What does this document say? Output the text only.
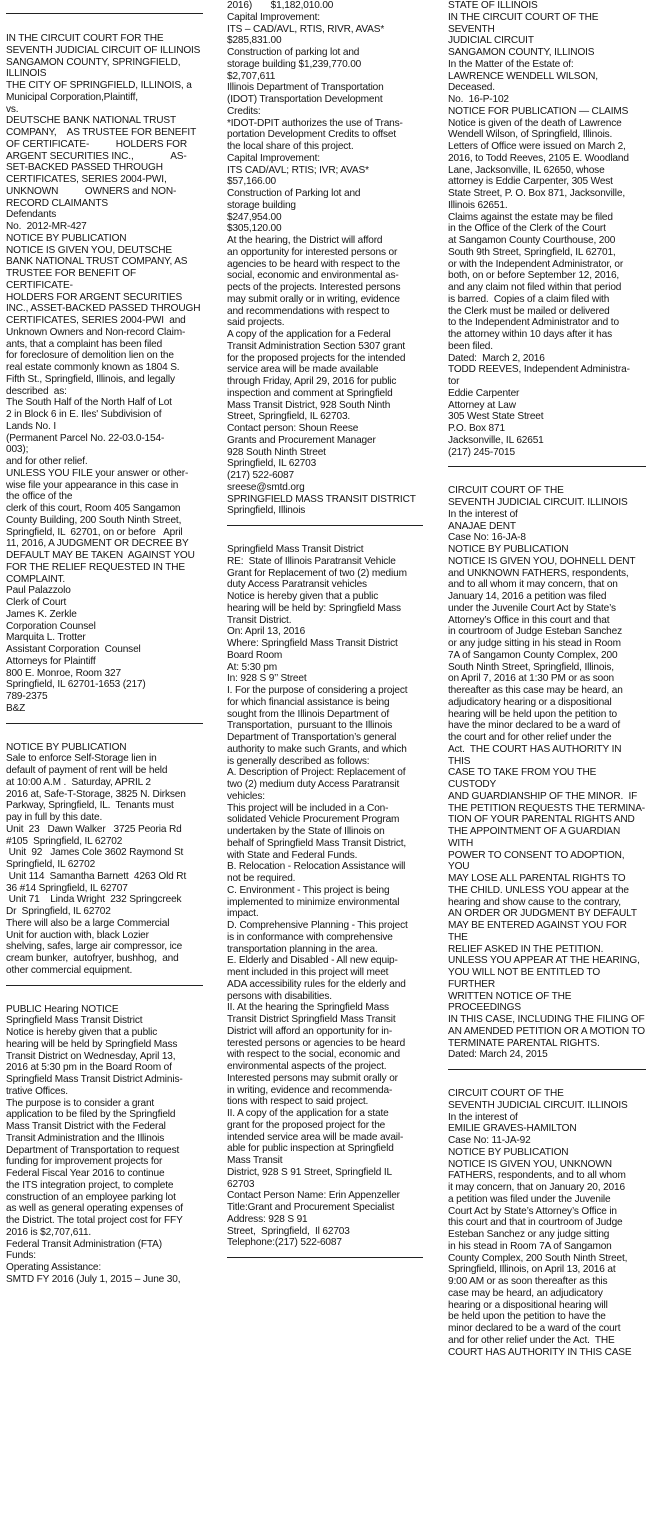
IN THE CIRCUIT COURT FOR THE

SEVENTH JUDICIAL CIRCUIT OF ILLINOIS

SANGAMON COUNTY, SPRINGFIELD,

ILLINOIS

THE CITY OF SPRINGFIELD, ILLINOIS, a

Municipal Corporation,Plaintiff,

vs.

DEUTSCHE BANK NATIONAL TRUST

COMPANY,    AS TRUSTEE FOR BENEFIT

OF CERTIFICATE-          HOLDERS FOR

ARGENT SECURITIES INC.,              AS-

SET-BACKED PASSED THROUGH

CERTIFICATES, SERIES 2004-PWI,

UNKNOWN          OWNERS and NON-

RECORD CLAIMANTS

Defendants

No.  2012-MR-427

NOTICE BY PUBLICATION

NOTICE IS GIVEN YOU, DEUTSCHE

BANK NATIONAL TRUST COMPANY, AS

TRUSTEE FOR BENEFIT OF CERTIFICATE-

HOLDERS FOR ARGENT SECURITIES

INC., ASSET-BACKED PASSED THROUGH

CERTIFICATES, SERIES 2004-PWI  and

Unknown Owners and Non-record Claim-

ants, that a complaint has been filed

for foreclosure of demolition lien on the

real estate commonly known as 1804 S.

Fifth St., Springfield, Illinois, and legally

described  as:

The South Half of the North Half of Lot

2 in Block 6 in E. Iles' Subdivision of

Lands No. I

(Permanent Parcel No. 22-03.0-154-

003);

and for other relief.

UNLESS YOU FILE your answer or other-

wise file your appearance in this case in

the office of the

clerk of this court, Room 405 Sangamon

County Building, 200 South Ninth Street,

Springfield, IL  62701, on or before   April

11, 2016, A JUDGMENT OR DECREE BY

DEFAULT MAY BE TAKEN  AGAINST YOU

FOR THE RELIEF REQUESTED IN THE

COMPLAINT.

Paul Palazzolo

Clerk of Court

James K. Zerkle

Corporation Counsel

Marquita L. Trotter

Assistant Corporation  Counsel

Attorneys for Plaintiff

800 E. Monroe, Room 327

Springfield, IL 62701-1653 (217)

789-2375

B&Z

NOTICE BY PUBLICATION

Sale to enforce Self-Storage lien in

default of payment of rent will be held

at 10:00 A.M .  Saturday, APRIL 2

2016 at, Safe-T-Storage, 3825 N. Dirksen

Parkway, Springfield, IL.  Tenants must

pay in full by this date.

Unit  23   Dawn Walker   3725 Peoria Rd

#105  Springfield, IL 62702

Unit  92   James Cole 3602 Raymond St

Springfield, IL 62702

Unit 114  Samantha Barnett  4263 Old Rt

36 #14 Springfield, IL 62707

Unit 71    Linda Wright  232 Springcreek

Dr  Springfield, IL 62702

There will also be a large Commercial

Unit for auction with, black Lozier

shelving, safes, large air compressor, ice

cream bunker,  autofryer, bushhog,  and

other commercial equipment.

PUBLIC Hearing NOTICE

Springfield Mass Transit District

Notice is hereby given that a public

hearing will be held by Springfield Mass

Transit District on Wednesday, April 13,

2016 at 5:30 pm in the Board Room of

Springfield Mass Transit District Adminis-

trative Offices.

The purpose is to consider a grant

application to be filed by the Springfield

Mass Transit District with the Federal

Transit Administration and the Illinois

Department of Transportation to request

funding for improvement projects for

Federal Fiscal Year 2016 to continue

the ITS integration project, to complete

construction of an employee parking lot

as well as general operating expenses of

the District. The total project cost for FFY

2016 is $2,707,611.

Federal Transit Administration (FTA)

Funds:

Operating Assistance:

SMTD FY 2016 (July 1, 2015 – June 30,

2016)       $1,182,010.00

Capital Improvement:

ITS – CAD/AVL, RTIS, RIVR, AVAS*

$285,831.00

Construction of parking lot and

storage building $1,239,770.00

$2,707,611

Illinois Department of Transportation

(IDOT) Transportation Development

Credits:

*IDOT-DPIT authorizes the use of Trans-

portation Development Credits to offset

the local share of this project.

Capital Improvement:

ITS CAD/AVL; RTIS; IVR; AVAS*

$57,166.00

Construction of Parking lot and

storage building

$247,954.00

$305,120.00

At the hearing, the District will afford

an opportunity for interested persons or

agencies to be heard with respect to the

social, economic and environmental as-

pects of the projects. Interested persons

may submit orally or in writing, evidence

and recommendations with respect to

said projects.

A copy of the application for a Federal

Transit Administration Section 5307 grant

for the proposed projects for the intended

service area will be made available

through Friday, April 29, 2016 for public

inspection and comment at Springfield

Mass Transit District, 928 South Ninth

Street, Springfield, IL 62703.

Contact person: Shoun Reese

Grants and Procurement Manager

928 South Ninth Street

Springfield, IL 62703

(217) 522-6087

sreese@smtd.org

SPRINGFIELD MASS TRANSIT DISTRICT

Springfield, Illinois

Springfield Mass Transit District

RE:  State of Illinois Paratransit Vehicle

Grant for Replacement of two (2) medium

duty Access Paratransit vehicles

Notice is hereby given that a public

hearing will be held by: Springfield Mass

Transit District.

On: April 13, 2016

Where: Springfield Mass Transit District

Board Room

At: 5:30 pm

In: 928 S 9’’ Street

I. For the purpose of considering a project

for which financial assistance is being

sought from the Illinois Department of

Transportation,  pursuant to the Illinois

Department of Transportation’s general

authority to make such Grants, and which

is generally described as follows:

A. Description of Project: Replacement of

two (2) medium duty Access Paratransit

vehicles:

This project will be included in a Con-

solidated Vehicle Procurement Program

undertaken by the State of Illinois on

behalf of Springfield Mass Transit District,

with State and Federal Funds.

B. Relocation - Relocation Assistance will

not be required.

C. Environment - This project is being

implemented to minimize environmental

impact.

D. Comprehensive Planning - This project

is in conformance with comprehensive

transportation planning in the area.

E. Elderly and Disabled - All new equip-

ment included in this project will meet

ADA accessibility rules for the elderly and

persons with disabilities.

II. At the hearing the Springfield Mass

Transit District Springfield Mass Transit

District will afford an opportunity for in-

terested persons or agencies to be heard

with respect to the social, economic and

environmental aspects of the project.

Interested persons may submit orally or

in writing, evidence and recommenda-

tions with respect to said project.

II. A copy of the application for a state

grant for the proposed project for the

intended service area will be made avail-

able for public inspection at Springfield

Mass Transit

District, 928 S 91 Street, Springfield IL

62703

Contact Person Name: Erin Appenzeller

Title:Grant and Procurement Specialist

Address: 928 S 91

Street,  Springfield,  Il 62703

Telephone:(217) 522-6087

STATE OF ILLINOIS

IN THE CIRCUIT COURT OF THE SEVENTH

JUDICIAL CIRCUIT

SANGAMON COUNTY, ILLINOIS

In the Matter of the Estate of:

LAWRENCE WENDELL WILSON,

Deceased.

No.  16-P-102

NOTICE FOR PUBLICATION — CLAIMS

Notice is given of the death of Lawrence

Wendell Wilson, of Springfield, Illinois.

Letters of Office were issued on March 2,

2016, to Todd Reeves, 2105 E. Woodland

Lane, Jacksonville, IL 62650, whose

attorney is Eddie Carpenter, 305 West

State Street, P. O. Box 871, Jacksonville,

Illinois 62651.

Claims against the estate may be filed

in the Office of the Clerk of the Court

at Sangamon County Courthouse, 200

South 9th Street, Springfield, IL 62701,

or with the Independent Administrator, or

both, on or before September 12, 2016,

and any claim not filed within that period

is barred.  Copies of a claim filed with

the Clerk must be mailed or delivered

to the Independent Administrator and to

the attorney within 10 days after it has

been filed.

Dated:  March 2, 2016

TODD REEVES, Independent Administra-

tor

Eddie Carpenter

Attorney at Law

305 West State Street

P.O. Box 871

Jacksonville, IL 62651

(217) 245-7015

CIRCUIT COURT OF THE

SEVENTH JUDICIAL CIRCUIT. ILLINOIS

In the interest of

ANAJAE DENT

Case No: 16-JA-8

NOTICE BY PUBLICATION

NOTICE IS GIVEN YOU, DOHNELL DENT

and UNKNOWN FATHERS, respondents,

and to all whom it may concern, that on

January 14, 2016 a petition was filed

under the Juvenile Court Act by State’s

Attorney’s Office in this court and that

in courtroom of Judge Esteban Sanchez

or any judge sitting in his stead in Room

7A of Sangamon County Complex, 200

South Ninth Street, Springfield, Illinois,

on April 7, 2016 at 1:30 PM or as soon

thereafter as this case may be heard, an

adjudicatory hearing or a dispositional

hearing will be held upon the petition to

have the minor declared to be a ward of

the court and for other relief under the

Act.  THE COURT HAS AUTHORITY IN THIS

CASE TO TAKE FROM YOU THE CUSTODY

AND GUARDIANSHIP OF THE MINOR.  IF

THE PETITION REQUESTS THE TERMINA-

TION OF YOUR PARENTAL RIGHTS AND

THE APPOINTMENT OF A GUARDIAN WITH

POWER TO CONSENT TO ADOPTION, YOU

MAY LOSE ALL PARENTAL RIGHTS TO

THE CHILD. UNLESS YOU appear at the

hearing and show cause to the contrary,

AN ORDER OR JUDGMENT BY DEFAULT

MAY BE ENTERED AGAINST YOU FOR THE

RELIEF ASKED IN THE PETITION.

UNLESS YOU APPEAR AT THE HEARING,

YOU WILL NOT BE ENTITLED TO FURTHER

WRITTEN NOTICE OF THE PROCEEDINGS

IN THIS CASE, INCLUDING THE FILING OF

AN AMENDED PETITION OR A MOTION TO

TERMINATE PARENTAL RIGHTS.

Dated: March 24, 2015

CIRCUIT COURT OF THE

SEVENTH JUDICIAL CIRCUIT. ILLINOIS

In the interest of

EMILIE GRAVES-HAMILTON

Case No: 11-JA-92

NOTICE BY PUBLICATION

NOTICE IS GIVEN YOU, UNKNOWN

FATHERS, respondents, and to all whom

it may concern, that on January 20, 2016

a petition was filed under the Juvenile

Court Act by State’s Attorney’s Office in

this court and that in courtroom of Judge

Esteban Sanchez or any judge sitting

in his stead in Room 7A of Sangamon

County Complex, 200 South Ninth Street,

Springfield, Illinois, on April 13, 2016 at

9:00 AM or as soon thereafter as this

case may be heard, an adjudicatory

hearing or a dispositional hearing will

be held upon the petition to have the

minor declared to be a ward of the court

and for other relief under the Act.  THE

COURT HAS AUTHORITY IN THIS CASE
